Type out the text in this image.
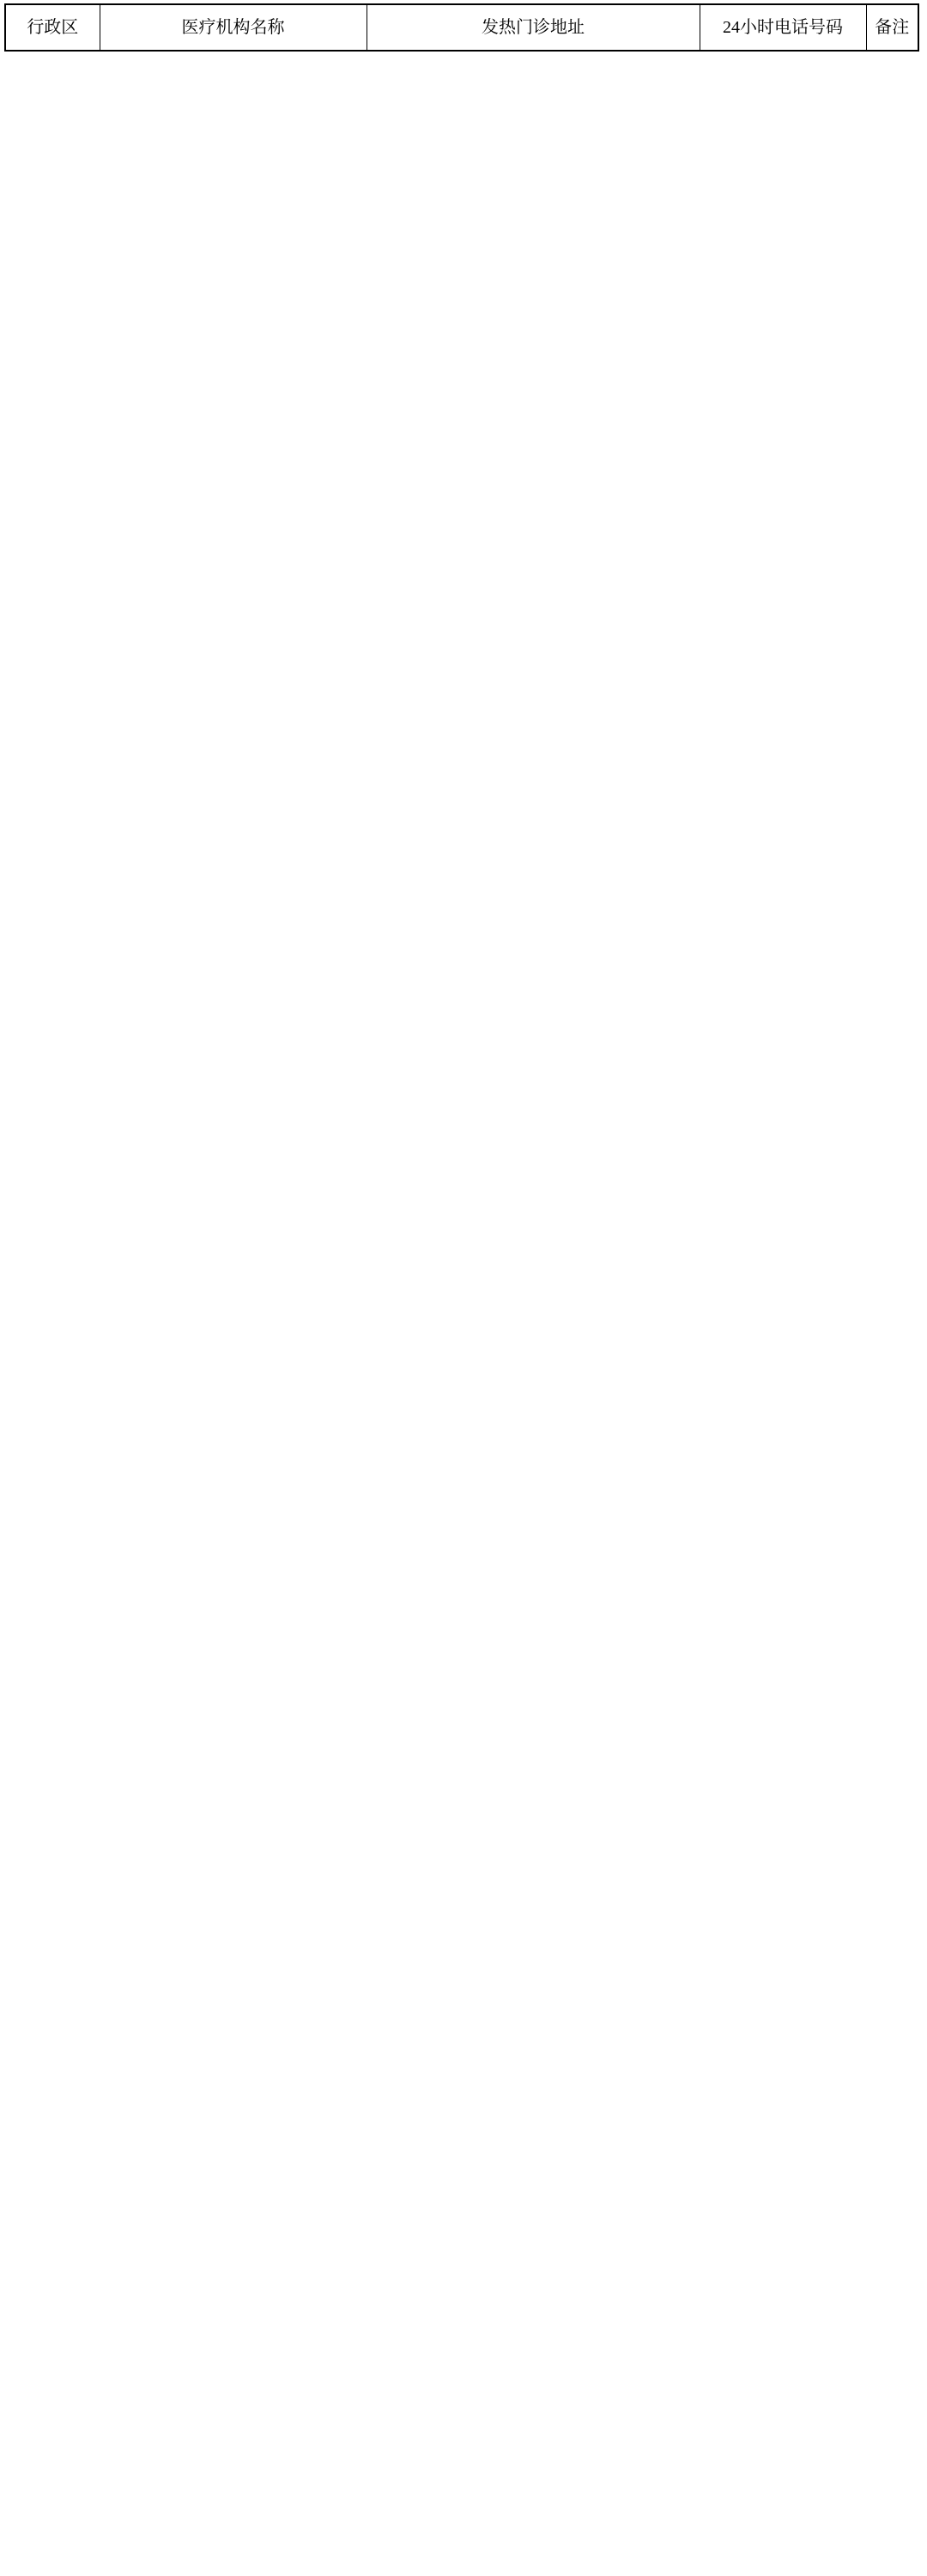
行政区	医疗机构名称	发热门诊地址	24小时电话号码	备注
